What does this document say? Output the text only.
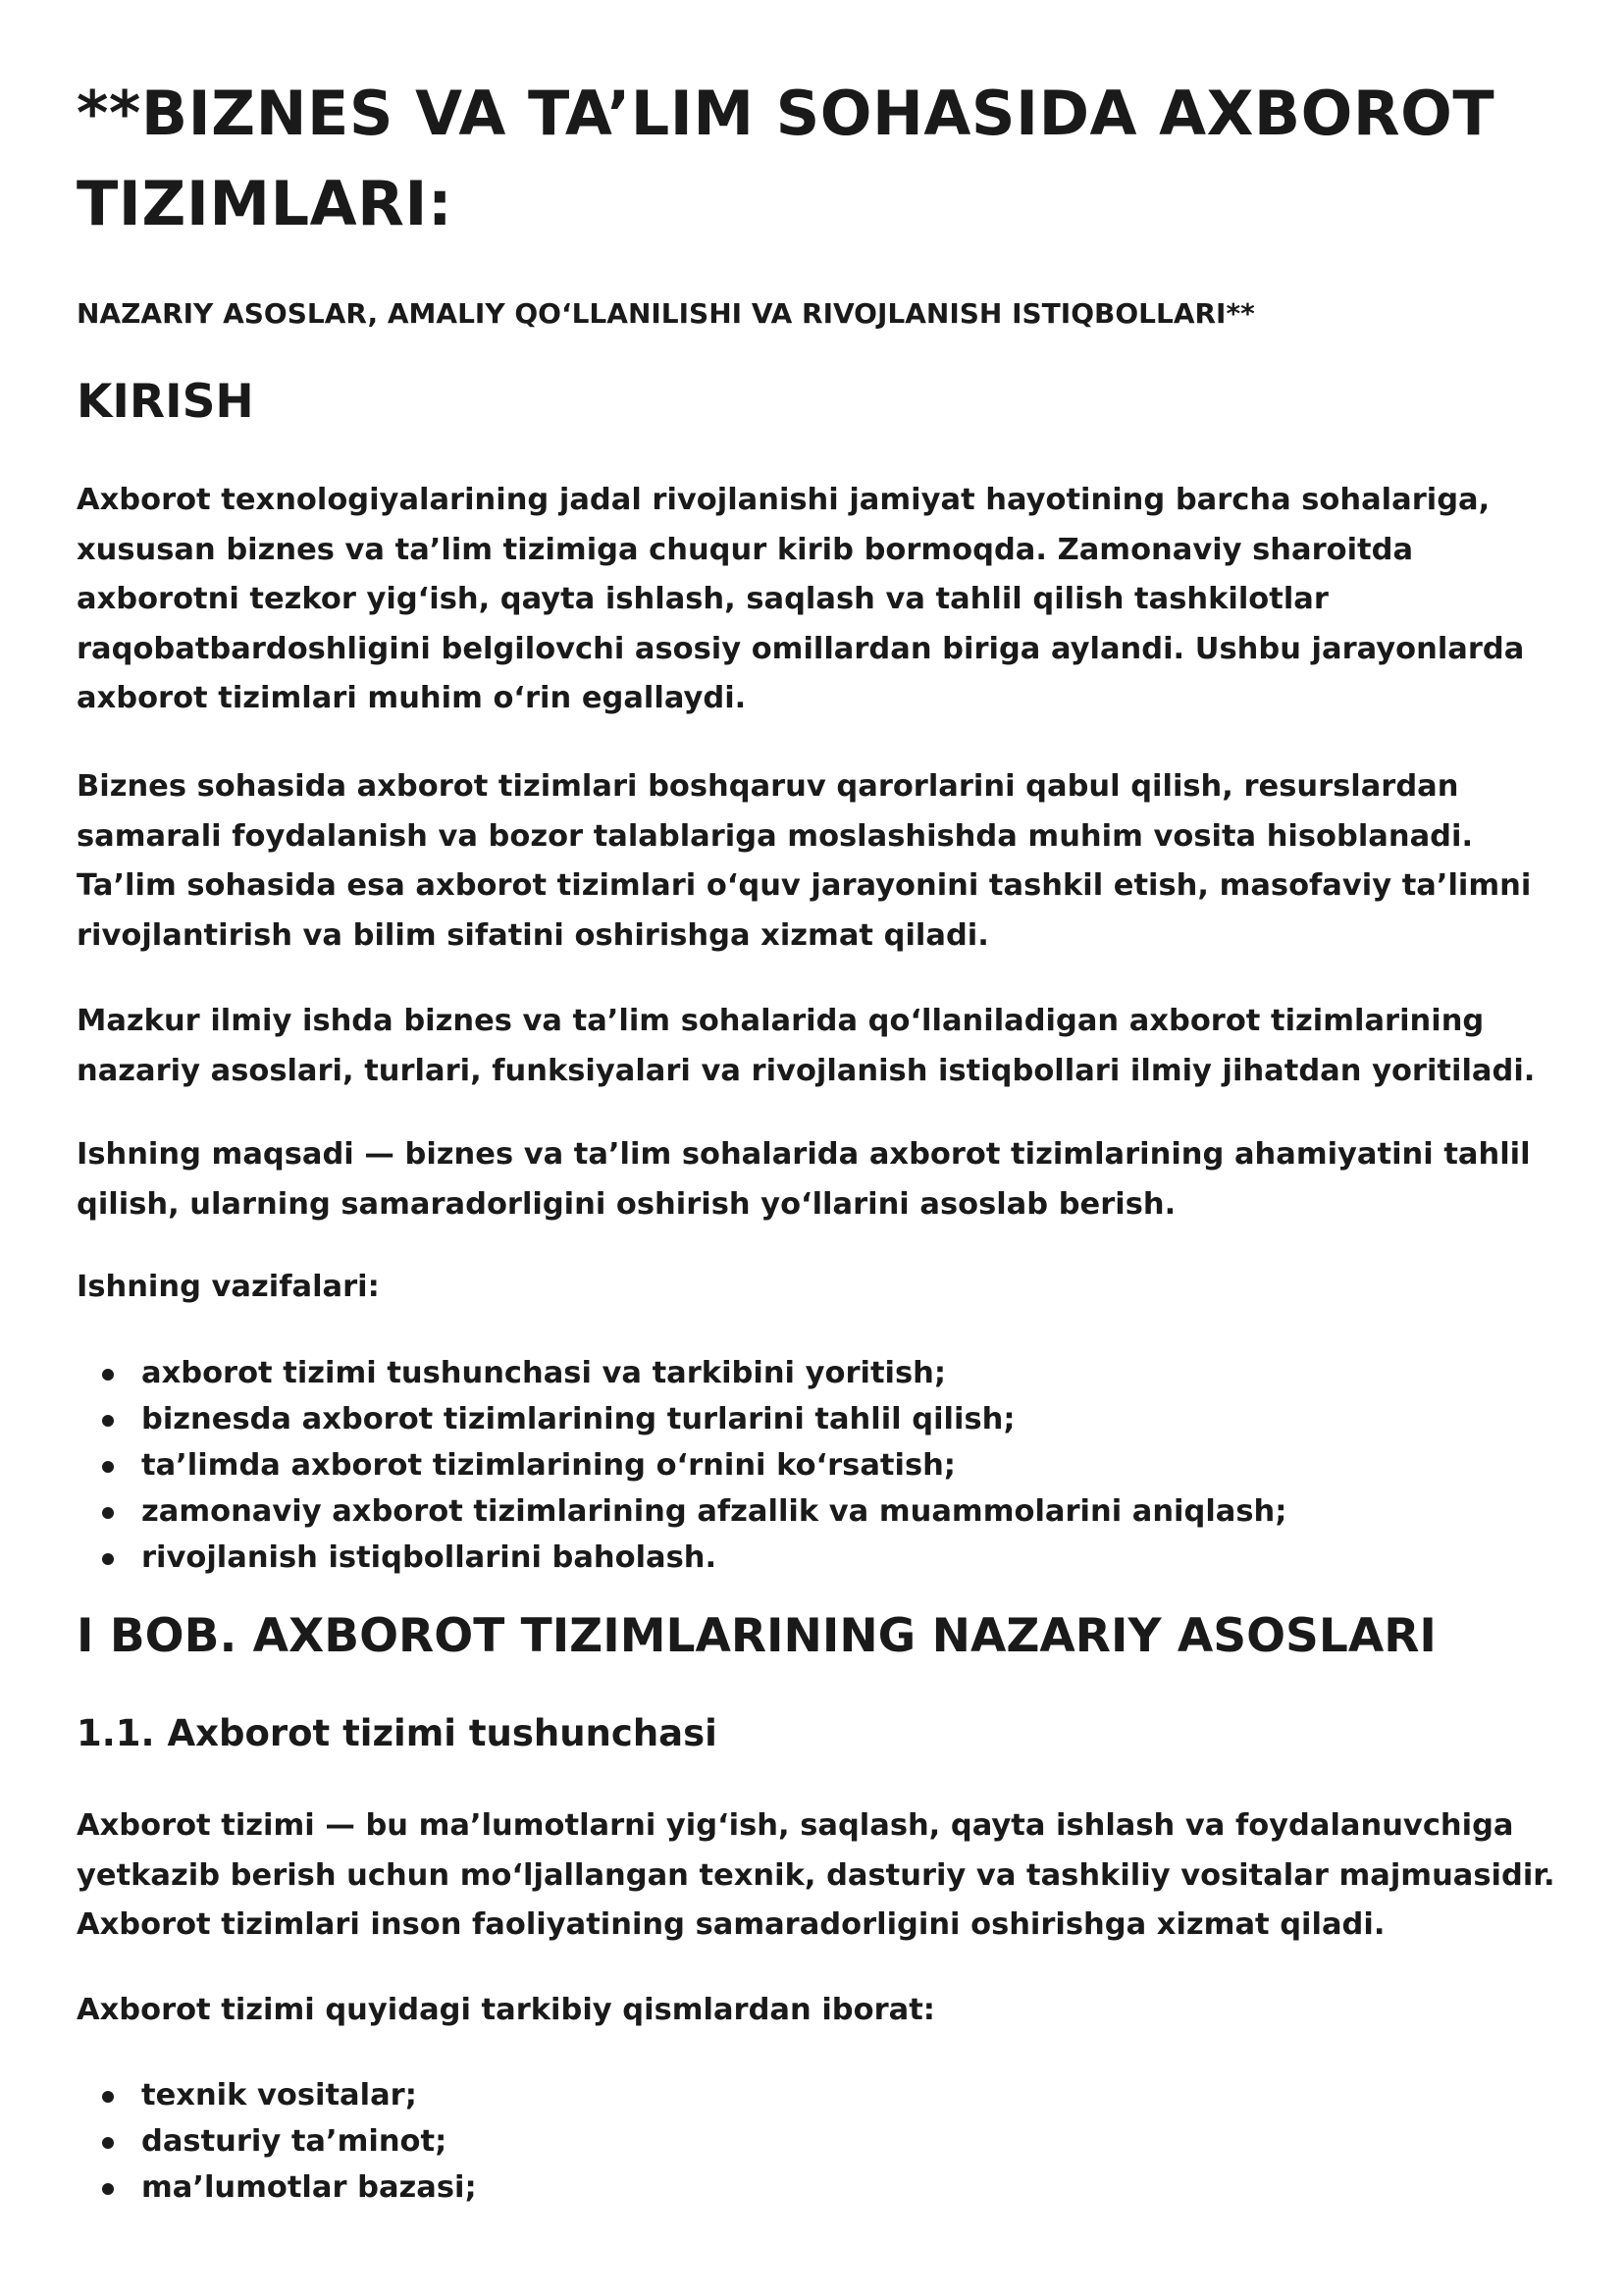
**BIZNES VA TA’LIM SOHASIDA AXBOROT
TIZIMLARI:

NAZARIY ASOSLAR, AMALIY QO‘LLANILISHI VA RIVOJLANISH ISTIQBOLLARI**

KIRISH

Axborot texnologiyalarining jadal rivojlanishi jamiyat hayotining barcha sohalariga, xususan biznes va ta’lim tizimiga chuqur kirib bormoqda. Zamonaviy sharoitda axborotni tezkor yig‘ish, qayta ishlash, saqlash va tahlil qilish tashkilotlar raqobatbardoshligini belgilovchi asosiy omillardan biriga aylandi. Ushbu jarayonlarda axborot tizimlari muhim o‘rin egallaydi.

Biznes sohasida axborot tizimlari boshqaruv qarorlarini qabul qilish, resurslardan samarali foydalanish va bozor talablariga moslashishda muhim vosita hisoblanadi. Ta’lim sohasida esa axborot tizimlari o‘quv jarayonini tashkil etish, masofaviy ta’limni rivojlantirish va bilim sifatini oshirishga xizmat qiladi.

Mazkur ilmiy ishda biznes va ta’lim sohalarida qo‘llaniladigan axborot tizimlarining nazariy asoslari, turlari, funksiyalari va rivojlanish istiqbollari ilmiy jihatdan yoritiladi.

Ishning maqsadi — biznes va ta’lim sohalarida axborot tizimlarining ahamiyatini tahlil qilish, ularning samaradorligini oshirish yo‘llarini asoslab berish.

Ishning vazifalari:

axborot tizimi tushunchasi va tarkibini yoritish;
biznesda axborot tizimlarining turlarini tahlil qilish;
ta’limda axborot tizimlarining o‘rnini ko‘rsatish;
zamonaviy axborot tizimlarining afzallik va muammolarini aniqlash;
rivojlanish istiqbollarini baholash.
I BOB. AXBOROT TIZIMLARINING NAZARIY ASOSLARI
1.1. Axborot tizimi tushunchasi

Axborot tizimi — bu ma’lumotlarni yig‘ish, saqlash, qayta ishlash va foydalanuvchiga yetkazib berish uchun mo‘ljallangan texnik, dasturiy va tashkiliy vositalar majmuasidir. Axborot tizimlari inson faoliyatining samaradorligini oshirishga xizmat qiladi.

Axborot tizimi quyidagi tarkibiy qismlardan iborat:

texnik vositalar;
dasturiy ta’minot;
ma’lumotlar bazasi;
